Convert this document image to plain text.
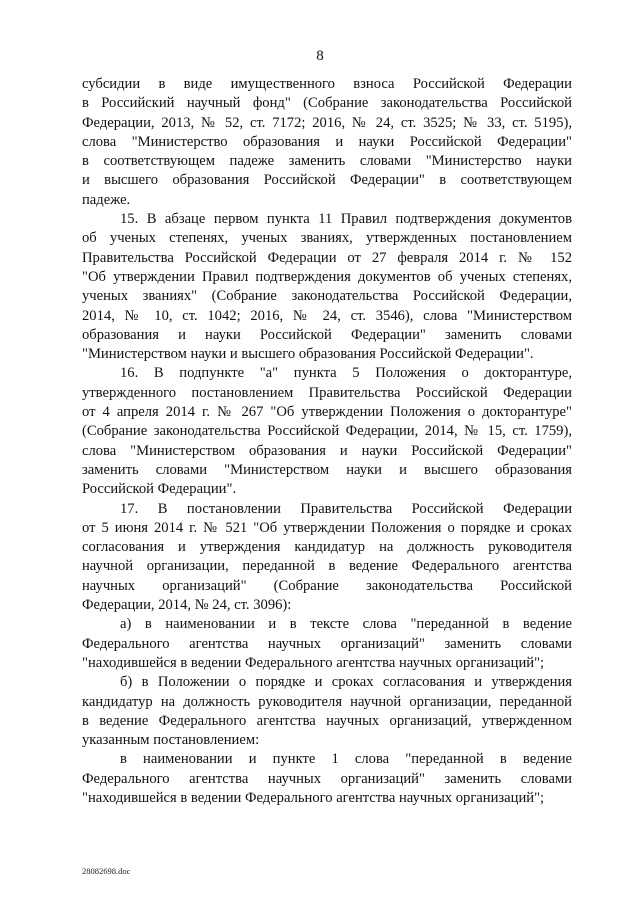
8
субсидии в виде имущественного взноса Российской Федерации
в Российский научный фонд" (Собрание законодательства Российской
Федерации, 2013, № 52, ст. 7172; 2016, № 24, ст. 3525; № 33, ст. 5195),
слова "Министерство образования и науки Российской Федерации"
в соответствующем падеже заменить словами "Министерство науки
и высшего образования Российской Федерации" в соответствующем
падеже.
15. В абзаце первом пункта 11 Правил подтверждения документов
об ученых степенях, ученых званиях, утвержденных постановлением
Правительства Российской Федерации от 27 февраля 2014 г. № 152
"Об утверждении Правил подтверждения документов об ученых степенях,
ученых званиях" (Собрание законодательства Российской Федерации,
2014, № 10, ст. 1042; 2016, № 24, ст. 3546), слова "Министерством
образования и науки Российской Федерации" заменить словами
"Министерством науки и высшего образования Российской Федерации".
16. В подпункте "а" пункта 5 Положения о докторантуре,
утвержденного постановлением Правительства Российской Федерации
от 4 апреля 2014 г. № 267 "Об утверждении Положения о докторантуре"
(Собрание законодательства Российской Федерации, 2014, № 15, ст. 1759),
слова "Министерством образования и науки Российской Федерации"
заменить словами "Министерством науки и высшего образования
Российской Федерации".
17. В постановлении Правительства Российской Федерации
от 5 июня 2014 г. № 521 "Об утверждении Положения о порядке и сроках
согласования и утверждения кандидатур на должность руководителя
научной организации, переданной в ведение Федерального агентства
научных организаций" (Собрание законодательства Российской
Федерации, 2014, № 24, ст. 3096):
а) в наименовании и в тексте слова "переданной в ведение
Федерального агентства научных организаций" заменить словами
"находившейся в ведении Федерального агентства научных организаций";
б) в Положении о порядке и сроках согласования и утверждения
кандидатур на должность руководителя научной организации, переданной
в ведение Федерального агентства научных организаций, утвержденном
указанным постановлением:
в наименовании и пункте 1 слова "переданной в ведение
Федерального агентства научных организаций" заменить словами
"находившейся в ведении Федерального агентства научных организаций";
28082698.doc
